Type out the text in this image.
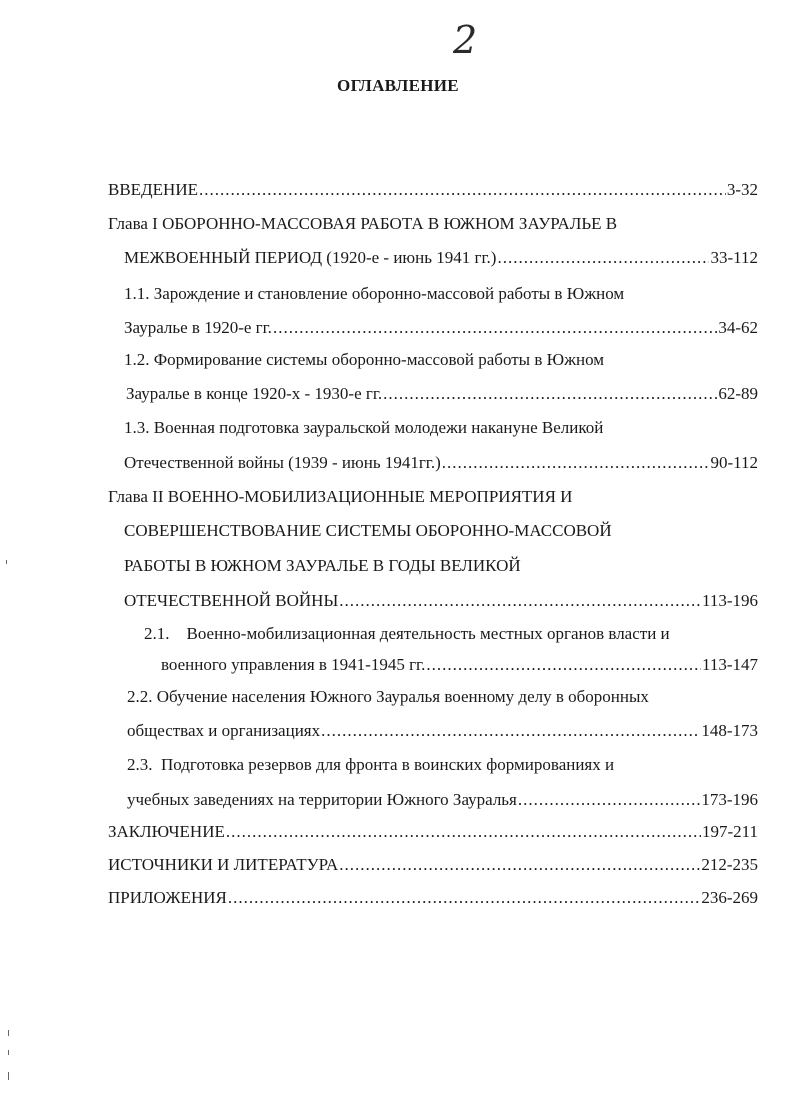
2
ОГЛАВЛЕНИЕ
ВВЕДЕНИЕ .....	3-32
Глава I ОБОРОННО-МАССОВАЯ РАБОТА В ЮЖНОМ ЗАУРАЛЬЕ В
МЕЖВОЕННЫЙ ПЕРИОД (1920-е - июнь 1941 гг.) .....	33-112
1.1. Зарождение и становление оборонно-массовой работы в Южном
Зауралье в 1920-е гг. .....	34-62
1.2. Формирование системы оборонно-массовой работы в Южном
Зауралье в конце 1920-х - 1930-е гг. .....	62-89
1.3. Военная подготовка зауральской молодежи накануне Великой
Отечественной войны (1939 - июнь 1941гг.) .....	90-112
Глава II ВОЕННО-МОБИЛИЗАЦИОННЫЕ МЕРОПРИЯТИЯ И
СОВЕРШЕНСТВОВАНИЕ СИСТЕМЫ ОБОРОННО-МАССОВОЙ
РАБОТЫ В ЮЖНОМ ЗАУРАЛЬЕ В ГОДЫ ВЕЛИКОЙ
ОТЕЧЕСТВЕННОЙ ВОЙНЫ .....	113-196
2.1.    Военно-мобилизационная деятельность местных органов власти и
военного управления в 1941-1945 гг. .....	113-147
2.2. Обучение населения Южного Зауралья военному делу в оборонных
обществах и организациях .....	148-173
2.3.  Подготовка резервов для фронта в воинских формированиях и
учебных заведениях на территории Южного Зауралья .....	173-196
ЗАКЛЮЧЕНИЕ .....	197-211
ИСТОЧНИКИ И ЛИТЕРАТУРА .....	212-235
ПРИЛОЖЕНИЯ .....	236-269
